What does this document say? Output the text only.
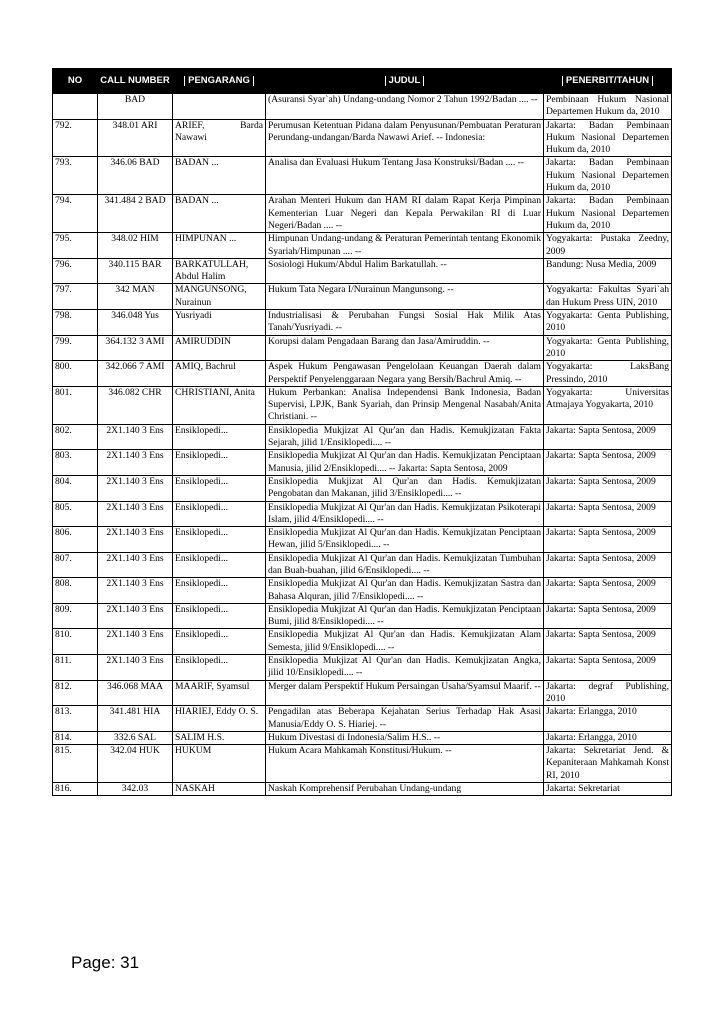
NO	CALL NUMBER	PENGARANG	JUDUL	PENERBIT/TAHUN
	BAD		(Asuransi Syar`ah) Undang-undang Nomor 2 Tahun 1992/Badan .... --	Pembinaan Hukum Nasional Departemen Hukum da, 2010
792.	348.01 ARI	ARIEF, Barda Nawawi	Perumusan Ketentuan Pidana dalam Penyusunan/Pembuatan Peraturan Perundang-undangan/Barda Nawawi Arief. -- Indonesia:	Jakarta: Badan Pembinaan Hukum Nasional Departemen Hukum da, 2010
793.	346.06 BAD	BADAN ...	Analisa dan Evaluasi Hukum Tentang Jasa Konstruksi/Badan .... --	Jakarta: Badan Pembinaan Hukum Nasional Departemen Hukum da, 2010
794.	341.484 2 BAD	BADAN ...	Arahan Menteri Hukum dan HAM RI dalam Rapat Kerja Pimpinan Kementerian Luar Negeri dan Kepala Perwakilan RI di Luar Negeri/Badan .... --	Jakarta: Badan Pembinaan Hukum Nasional Departemen Hukum da, 2010
795.	348.02 HIM	HIMPUNAN ...	Himpunan Undang-undang & Peraturan Pemerintah tentang Ekonomik Syariah/Himpunan .... --	Yogyakarta: Pustaka Zeedny, 2009
796.	340.115 BAR	BARKATULLAH, Abdul Halim	Sosiologi Hukum/Abdul Halim Barkatullah. --	Bandung: Nusa Media, 2009
797.	342 MAN	MANGUNSONG, Nurainun	Hukum Tata Negara I/Nurainun Mangunsong. --	Yogyakarta: Fakultas Syari`ah dan Hukum Press UIN, 2010
798.	346.048 Yus	Yusriyadi	Industrialisasi & Perubahan Fungsi Sosial Hak Milik Atas Tanah/Yusriyadi. --	Yogyakarta: Genta Publishing, 2010
799.	364.132 3 AMI	AMIRUDDIN	Korupsi dalam Pengadaan Barang dan Jasa/Amiruddin. --	Yogyakarta: Genta Publishing, 2010
800.	342.066 7 AMI	AMIQ, Bachrul	Aspek Hukum Pengawasan Pengelolaan Keuangan Daerah dalam Perspektif Penyelenggaraan Negara yang Bersih/Bachrul Amiq. --	Yogyakarta: LaksBang Pressindo, 2010
801.	346.082 CHR	CHRISTIANI, Anita	Hukum Perbankan: Analisa Independensi Bank Indonesia, Badan Supervisi, LPJK, Bank Syariah, dan Prinsip Mengenal Nasabah/Anita Christiani. --	Yogyakarta: Universitas Atmajaya Yogyakarta, 2010
802.	2X1.140 3 Ens	Ensiklopedi...	Ensiklopedia Mukjizat Al Qur'an dan Hadis. Kemukjizatan Fakta Sejarah, jilid 1/Ensiklopedi.... --	Jakarta: Sapta Sentosa, 2009
803.	2X1.140 3 Ens	Ensiklopedi...	Ensiklopedia Mukjizat Al Qur'an dan Hadis. Kemukjizatan Penciptaan Manusia, jilid 2/Ensiklopedi.... -- Jakarta: Sapta Sentosa, 2009	Jakarta: Sapta Sentosa, 2009
804.	2X1.140 3 Ens	Ensiklopedi...	Ensiklopedia Mukjizat Al Qur'an dan Hadis. Kemukjizatan Pengobatan dan Makanan, jilid 3/Ensiklopedi.... --	Jakarta: Sapta Sentosa, 2009
805.	2X1.140 3 Ens	Ensiklopedi...	Ensiklopedia Mukjizat Al Qur'an dan Hadis. Kemukjizatan Psikoterapi Islam, jilid 4/Ensiklopedi.... --	Jakarta: Sapta Sentosa, 2009
806.	2X1.140 3 Ens	Ensiklopedi...	Ensiklopedia Mukjizat Al Qur'an dan Hadis. Kemukjizatan Penciptaan Hewan, jilid 5/Ensiklopedi.... --	Jakarta: Sapta Sentosa, 2009
807.	2X1.140 3 Ens	Ensiklopedi...	Ensiklopedia Mukjizat Al Qur'an dan Hadis. Kemukjizatan Tumbuhan dan Buah-buahan, jilid 6/Ensiklopedi.... --	Jakarta: Sapta Sentosa, 2009
808.	2X1.140 3 Ens	Ensiklopedi...	Ensiklopedia Mukjizat Al Qur'an dan Hadis. Kemukjizatan Sastra dan Bahasa Alquran, jilid 7/Ensiklopedi.... --	Jakarta: Sapta Sentosa, 2009
809.	2X1.140 3 Ens	Ensiklopedi...	Ensiklopedia Mukjizat Al Qur'an dan Hadis. Kemukjizatan Penciptaan Bumi, jilid 8/Ensiklopedi.... --	Jakarta: Sapta Sentosa, 2009
810.	2X1.140 3 Ens	Ensiklopedi...	Ensiklopedia Mukjizat Al Qur'an dan Hadis. Kemukjizatan Alam Semesta, jilid 9/Ensiklopedi.... --	Jakarta: Sapta Sentosa, 2009
811.	2X1.140 3 Ens	Ensiklopedi...	Ensiklopedia Mukjizat Al Qur'an dan Hadis. Kemukjizatan Angka, jilid 10/Ensiklopedi.... --	Jakarta: Sapta Sentosa, 2009
812.	346.068 MAA	MAARIF, Syamsul	Merger dalam Perspektif Hukum Persaingan Usaha/Syamsul Maarif. --	Jakarta: degraf Publishing, 2010
813.	341.481 HIA	HIARIEJ, Eddy O. S.	Pengadilan atas Beberapa Kejahatan Serius Terhadap Hak Asasi Manusia/Eddy O. S. Hiariej. --	Jakarta: Erlangga, 2010
814.	332.6 SAL	SALIM H.S.	Hukum Divestasi di Indonesia/Salim H.S.. --	Jakarta: Erlangga, 2010
815.	342.04 HUK	HUKUM	Hukum Acara Mahkamah Konstitusi/Hukum. --	Jakarta: Sekretariat Jend. & Kepaniteraan Mahkamah Konst RI, 2010
816.	342.03	NASKAH	Naskah Komprehensif Perubahan Undang-undang	Jakarta: Sekretariat
Page: 31
